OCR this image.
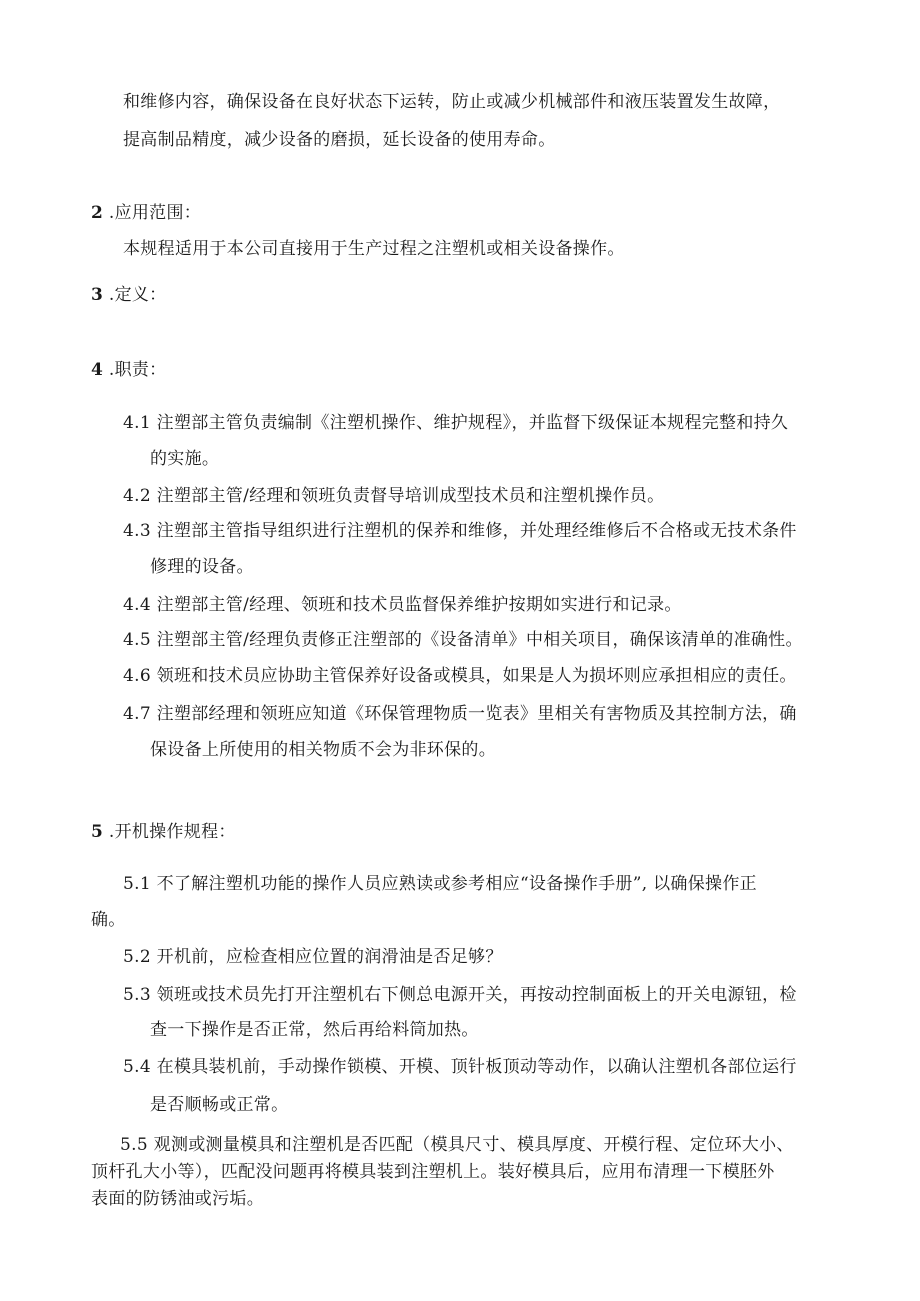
和维修内容，确保设备在良好状态下运转，防止或减少机械部件和液压装置发生故障，
提高制品精度，减少设备的磨损，延长设备的使用寿命。
2 .应用范围：
本规程适用于本公司直接用于生产过程之注塑机或相关设备操作。
3 .定义：
4 .职责：
4.1 注塑部主管负责编制《注塑机操作、维护规程》，并监督下级保证本规程完整和持久
的实施。
4.2 注塑部主管/经理和领班负责督导培训成型技术员和注塑机操作员。
4.3 注塑部主管指导组织进行注塑机的保养和维修，并处理经维修后不合格或无技术条件
修理的设备。
4.4 注塑部主管/经理、领班和技术员监督保养维护按期如实进行和记录。
4.5 注塑部主管/经理负责修正注塑部的《设备清单》中相关项目，确保该清单的准确性。
4.6 领班和技术员应协助主管保养好设备或模具，如果是人为损坏则应承担相应的责任。
4.7 注塑部经理和领班应知道《环保管理物质一览表》里相关有害物质及其控制方法，确
保设备上所使用的相关物质不会为非环保的。
5 .开机操作规程：
5.1 不了解注塑机功能的操作人员应熟读或参考相应“设备操作手册”, 以确保操作正
确。
5.2 开机前，应检查相应位置的润滑油是否足够？
5.3 领班或技术员先打开注塑机右下侧总电源开关，再按动控制面板上的开关电源钮，检
查一下操作是否正常，然后再给料筒加热。
5.4 在模具装机前，手动操作锁模、开模、顶针板顶动等动作，以确认注塑机各部位运行
是否顺畅或正常。
5.5 观测或测量模具和注塑机是否匹配（模具尺寸、模具厚度、开模行程、定位环大小、
顶杆孔大小等），匹配没问题再将模具装到注塑机上。装好模具后，应用布清理一下模胚外
表面的防锈油或污垢。
